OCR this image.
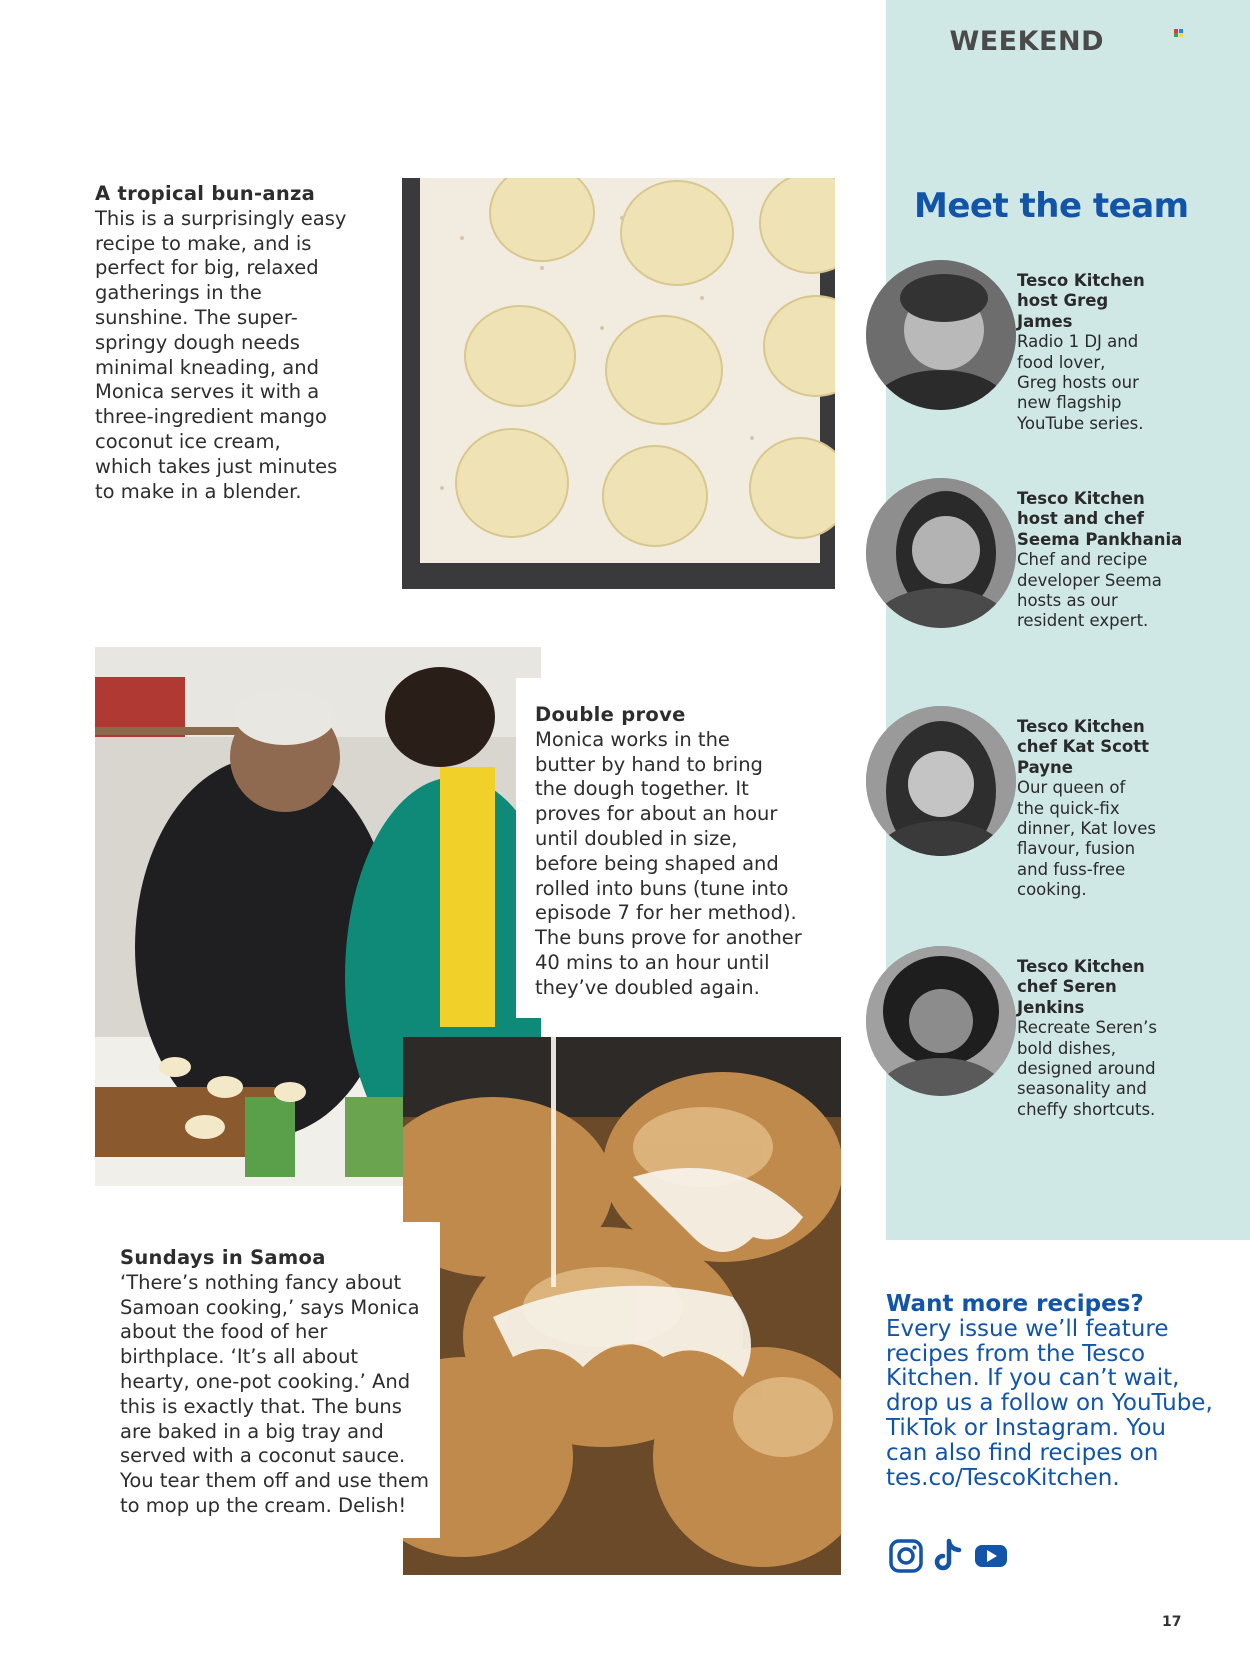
WEEKEND
A tropical bun-anza

This is a surprisingly easy

recipe to make, and is

perfect for big, relaxed

gatherings in the

sunshine. The super-

springy dough needs

minimal kneading, and

Monica serves it with a

three-ingredient mango

coconut ice cream,

which takes just minutes

to make in a blender.

Double prove

Monica works in the

butter by hand to bring

the dough together. It

proves for about an hour

until doubled in size,

before being shaped and

rolled into buns (tune into

episode 7 for her method).

The buns prove for another

40 mins to an hour until

they’ve doubled again.

Sundays in Samoa

‘There’s nothing fancy about

Samoan cooking,’ says Monica

about the food of her

birthplace. ‘It’s all about

hearty, one-pot cooking.’ And

this is exactly that. The buns

are baked in a big tray and

served with a coconut sauce.

You tear them off and use them

to mop up the cream. Delish!

Meet the team
Tesco Kitchen
host Greg
James
Radio 1 DJ and
food lover,
Greg hosts our
new flagship
YouTube series.
Tesco Kitchen
host and chef
Seema Pankhania
Chef and recipe
developer Seema
hosts as our
resident expert.
Tesco Kitchen
chef Kat Scott
Payne
Our queen of
the quick-fix
dinner, Kat loves
flavour, fusion
and fuss-free
cooking.
Tesco Kitchen
chef Seren
Jenkins
Recreate Seren’s
bold dishes,
designed around
seasonality and
cheffy shortcuts.
Want more recipes?
Every issue we’ll feature
recipes from the Tesco
Kitchen. If you can’t wait,
drop us a follow on YouTube,
TikTok or Instagram. You
can also find recipes on
tes.co/TescoKitchen.
17
